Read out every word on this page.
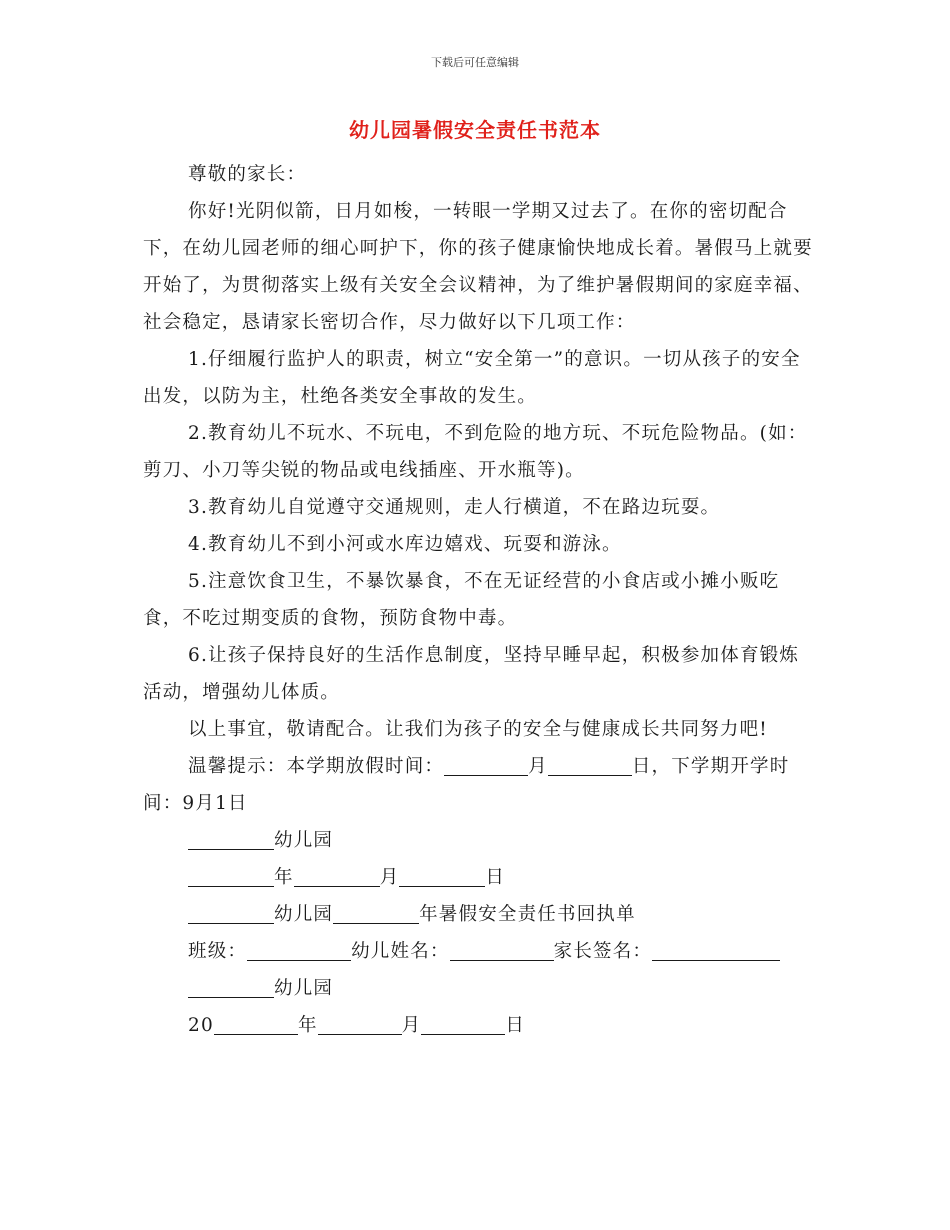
下载后可任意编辑
幼儿园暑假安全责任书范本

尊敬的家长：

你好!光阴似箭，日月如梭，一转眼一学期又过去了。在你的密切配合下，在幼儿园老师的细心呵护下，你的孩子健康愉快地成长着。暑假马上就要开始了，为贯彻落实上级有关安全会议精神，为了维护暑假期间的家庭幸福、社会稳定，恳请家长密切合作，尽力做好以下几项工作：

1.仔细履行监护人的职责，树立“安全第一”的意识。一切从孩子的安全出发，以防为主，杜绝各类安全事故的发生。

2.教育幼儿不玩水、不玩电，不到危险的地方玩、不玩危险物品。(如：剪刀、小刀等尖锐的物品或电线插座、开水瓶等)。

3.教育幼儿自觉遵守交通规则，走人行横道，不在路边玩耍。

4.教育幼儿不到小河或水库边嬉戏、玩耍和游泳。

5.注意饮食卫生，不暴饮暴食，不在无证经营的小食店或小摊小贩吃食，不吃过期变质的食物，预防食物中毒。

6.让孩子保持良好的生活作息制度，坚持早睡早起，积极参加体育锻炼活动，增强幼儿体质。

以上事宜，敬请配合。让我们为孩子的安全与健康成长共同努力吧!

温馨提示：本学期放假时间：	月	日，下学期开学时间：9月1日

幼儿园

年	月	日

幼儿园	年暑假安全责任书回执单

班级：	幼儿姓名：	家长签名：

幼儿园

20	年	月	日
